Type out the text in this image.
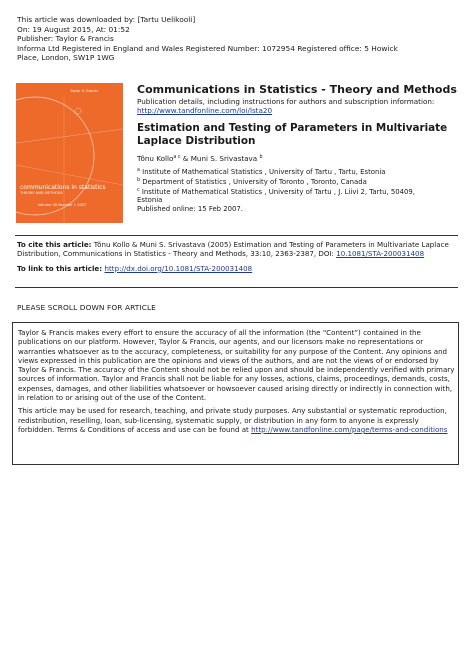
This article was downloaded by: [Tartu Uelikooli]
On: 19 August 2015, At: 01:52
Publisher: Taylor & Francis
Informa Ltd Registered in England and Wales Registered Number: 1072954 Registered office: 5 Howick
Place, London, SW1P 1WG
Taylor & Francis
communications in statistics
THEORY AND METHODS
Volume 36 Number 1 2007
Communications in Statistics - Theory and Methods
Publication details, including instructions for authors and subscription information:
http://www.tandfonline.com/loi/lsta20
Estimation and Testing of Parameters in Multivariate
Laplace Distribution
Tõnu Kollo$^{a c}$ & Muni S. Srivastava $^b$
$^a$ Institute of Mathematical Statistics , University of Tartu , Tartu, Estonia
$^b$ Department of Statistics , University of Toronto , Toronto, Canada
$^c$ Institute of Mathematical Statistics , University of Tartu , J. Liivi 2, Tartu, 50409,
Estonia
Published online: 15 Feb 2007.
To cite this article: Tõnu Kollo & Muni S. Srivastava (2005) Estimation and Testing of Parameters in Multivariate Laplace
Distribution, Communications in Statistics - Theory and Methods, 33:10, 2363-2387, DOI: 10.1081/STA-200031408
To link to this article: http://dx.doi.org/10.1081/STA-200031408
PLEASE SCROLL DOWN FOR ARTICLE

Taylor & Francis makes every effort to ensure the accuracy of all the information (the “Content”) contained in the publications on our platform. However, Taylor & Francis, our agents, and our licensors make no representations or warranties whatsoever as to the accuracy, completeness, or suitability for any purpose of the Content. Any opinions and views expressed in this publication are the opinions and views of the authors, and are not the views of or endorsed by Taylor & Francis. The accuracy of the Content should not be relied upon and should be independently verified with primary sources of information. Taylor and Francis shall not be liable for any losses, actions, claims, proceedings, demands, costs, expenses, damages, and other liabilities whatsoever or howsoever caused arising directly or indirectly in connection with, in relation to or arising out of the use of the Content.

This article may be used for research, teaching, and private study purposes. Any substantial or systematic reproduction, redistribution, reselling, loan, sub-licensing, systematic supply, or distribution in any form to anyone is expressly forbidden. Terms & Conditions of access and use can be found at http://www.tandfonline.com/page/terms-and-conditions
